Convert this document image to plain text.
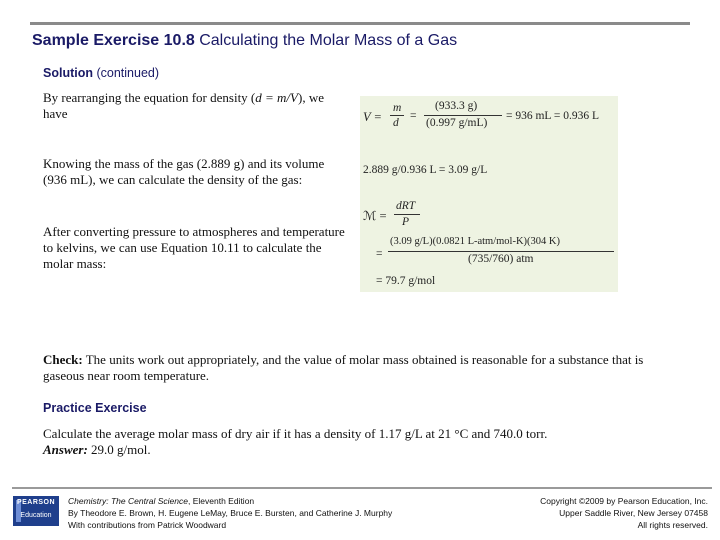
Sample Exercise 10.8 Calculating the Molar Mass of a Gas
Solution (continued)
By rearranging the equation for density (d = m/V), we have
Knowing the mass of the gas (2.889 g) and its volume (936 mL), we can calculate the density of the gas:
After converting pressure to atmospheres and temperature to kelvins, we can use Equation 10.11 to calculate the molar mass:
V =
m
d
=
(933.3 g)
(0.997 g/mL)
= 936 mL = 0.936 L
2.889 g/0.936 L = 3.09 g/L
ℳ =
dRT
P
=
(3.09 g/L)(0.0821 L-atm/mol-K)(304 K)
(735/760) atm
= 79.7 g/mol
Check: The units work out appropriately, and the value of molar mass obtained is reasonable for a substance that is gaseous near room temperature.
Practice Exercise
Calculate the average molar mass of dry air if it has a density of 1.17 g/L at 21 °C and 740.0 torr.
Answer: 29.0 g/mol.
PEARSON
Education
Chemistry: The Central Science, Eleventh Edition
By Theodore E. Brown, H. Eugene LeMay, Bruce E. Bursten, and Catherine J. Murphy
With contributions from Patrick Woodward
Copyright ©2009 by Pearson Education, Inc.
Upper Saddle River, New Jersey 07458
All rights reserved.
